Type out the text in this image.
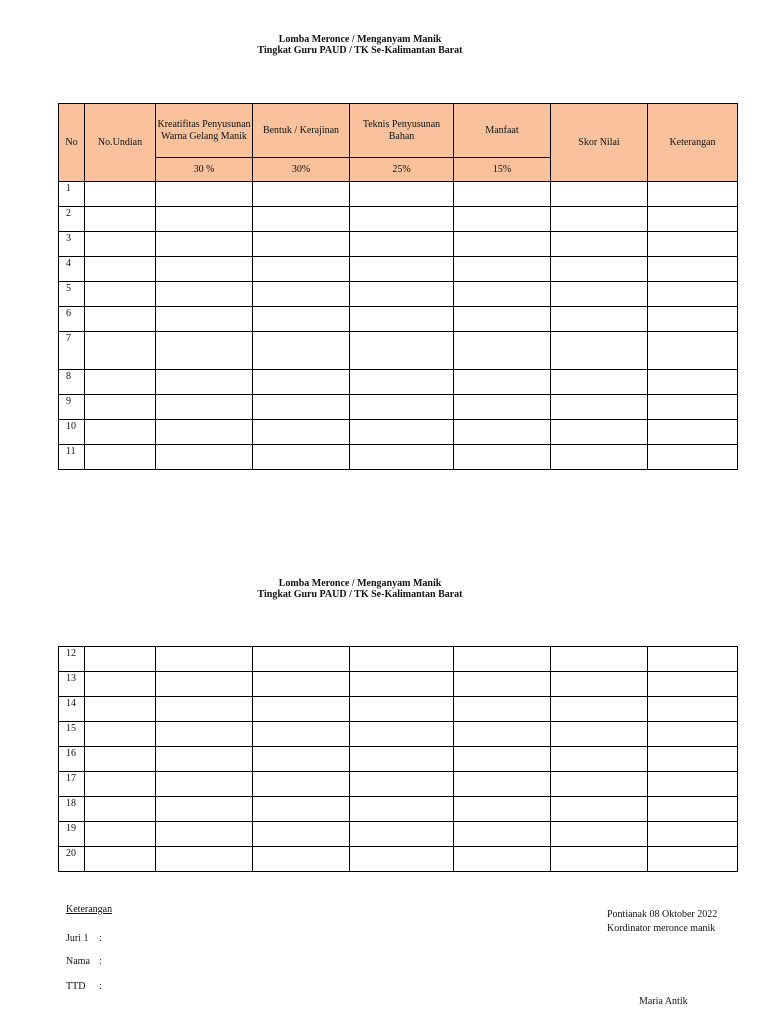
Lomba Meronce / Menganyam Manik
Tingkat Guru PAUD / TK Se-Kalimantan Barat
No	No.Undian	Kreatifitas Penyusunan Warna Gelang Manik	Bentuk / Kerajinan	Teknis Penyusunan Bahan	Manfaat	Skor Nilai	Keterangan
		30 %	30%	25%	15%		
1							
2							
3							
4							
5							
6							
7							
8							
9							
10							
11							
Lomba Meronce / Menganyam Manik
Tingkat Guru PAUD / TK Se-Kalimantan Barat
12							
13							
14							
15							
16							
17							
18							
19							
20							
Keterangan
Juri 1 :
Nama :
TTD :
Pontianak 08 Oktober 2022
Kordinator meronce manik
Maria Antik
